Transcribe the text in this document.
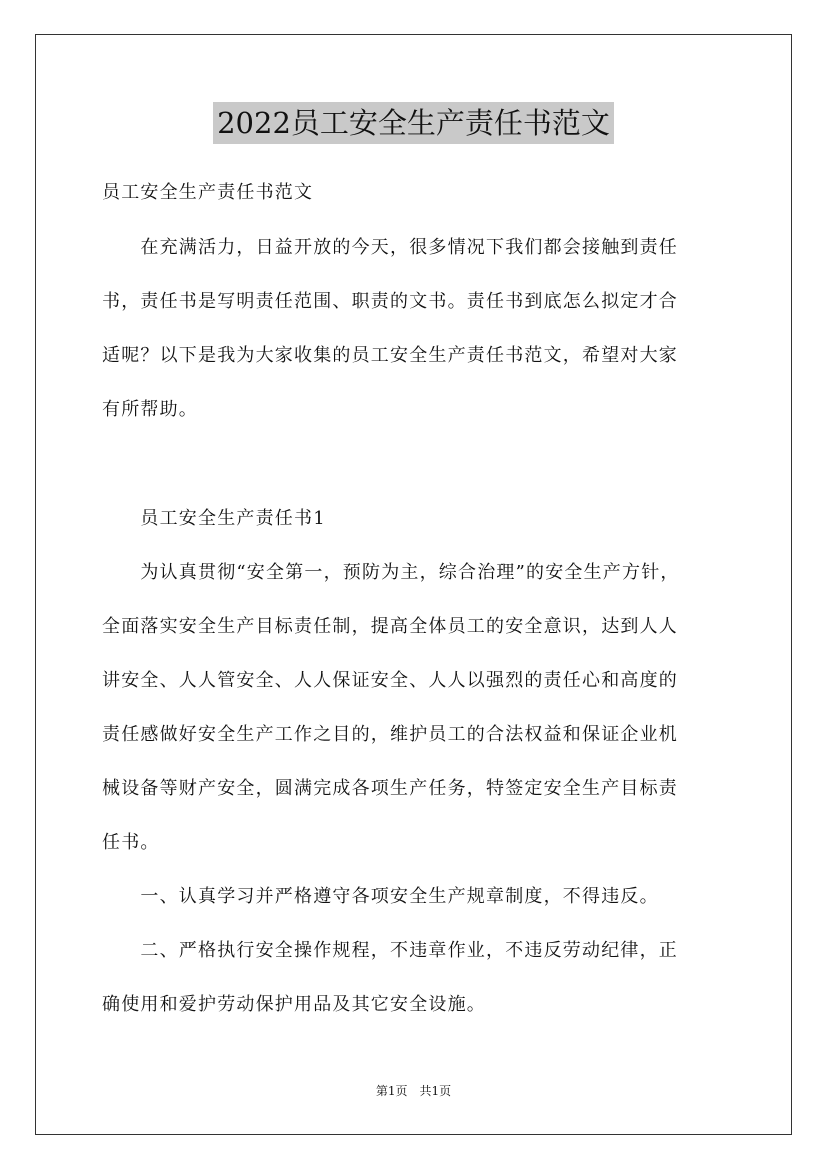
2022员工安全生产责任书范文
员工安全生产责任书范文
　　在充满活力，日益开放的今天，很多情况下我们都会接触到责任
书，责任书是写明责任范围、职责的文书。责任书到底怎么拟定才合
适呢？以下是我为大家收集的员工安全生产责任书范文，希望对大家
有所帮助。
　　员工安全生产责任书1
　　为认真贯彻“安全第一，预防为主，综合治理”的安全生产方针，
全面落实安全生产目标责任制，提高全体员工的安全意识，达到人人
讲安全、人人管安全、人人保证安全、人人以强烈的责任心和高度的
责任感做好安全生产工作之目的，维护员工的合法权益和保证企业机
械设备等财产安全，圆满完成各项生产任务，特签定安全生产目标责
任书。
　　一、认真学习并严格遵守各项安全生产规章制度，不得违反。
　　二、严格执行安全操作规程，不违章作业，不违反劳动纪律，正
确使用和爱护劳动保护用品及其它安全设施。
第1页　共1页
